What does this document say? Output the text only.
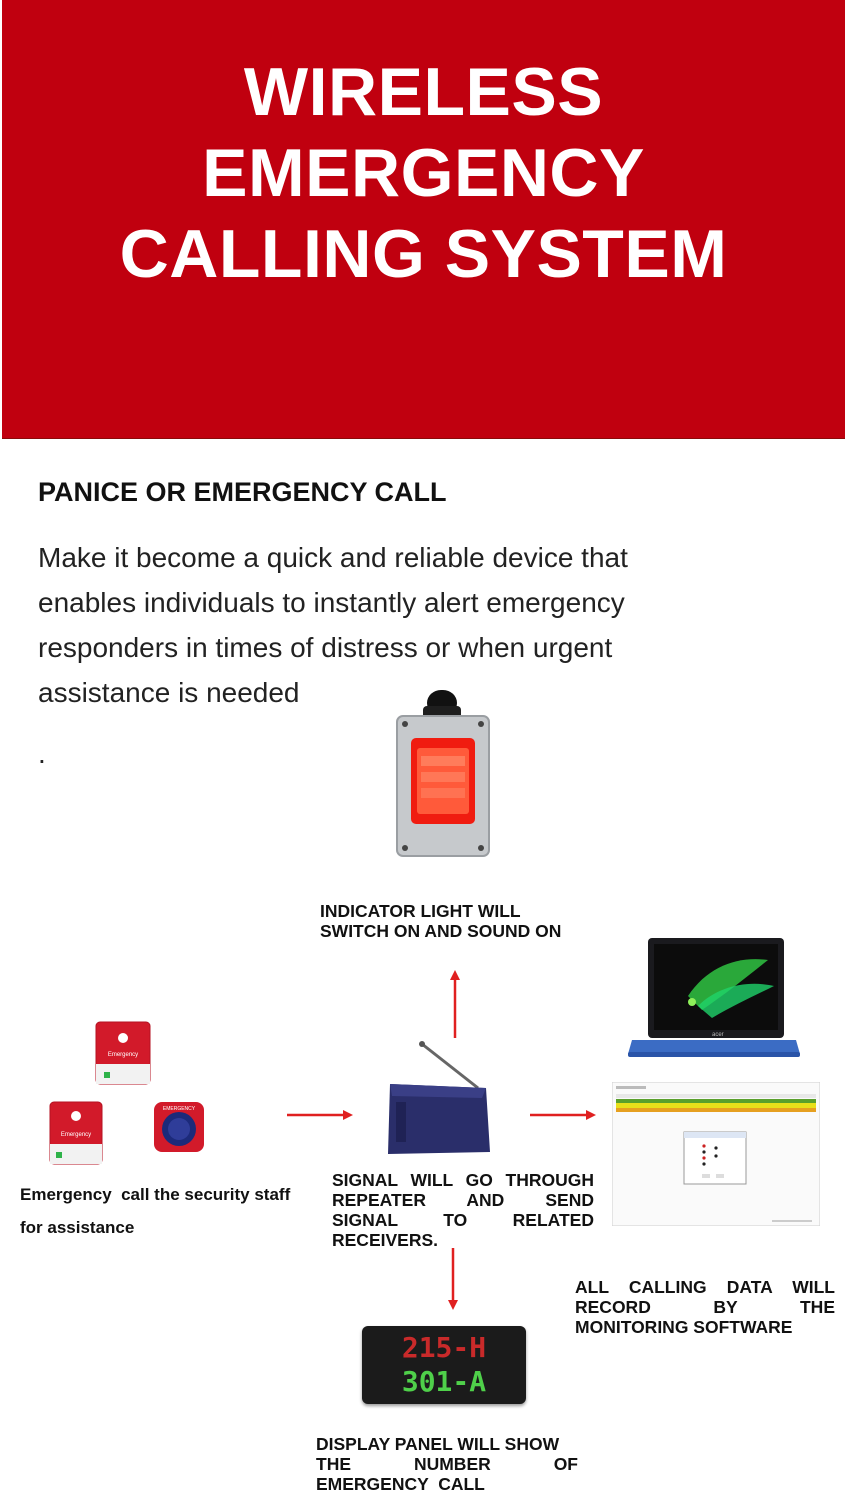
WIRELESS
EMERGENCY
CALLING SYSTEM
PANICE OR EMERGENCY CALL
Make it become a quick and reliable device that
enables individuals to instantly alert emergency
responders in times of distress or when urgent
assistance is needed
.
INDICATOR LIGHT WILL
SWITCH ON AND SOUND ON
acer
Emergency
Emergency
EMERGENCY
Emergency  call the security staff
for assistance
SIGNAL WILL GO THROUGH
REPEATER AND SEND
SIGNAL TO RELATED
RECEIVERS.
ALL CALLING DATA WILL
RECORD BY THE
MONITORING SOFTWARE
215-H
301-A
DISPLAY PANEL WILL SHOW
THE NUMBER OF
EMERGENCY  CALL
